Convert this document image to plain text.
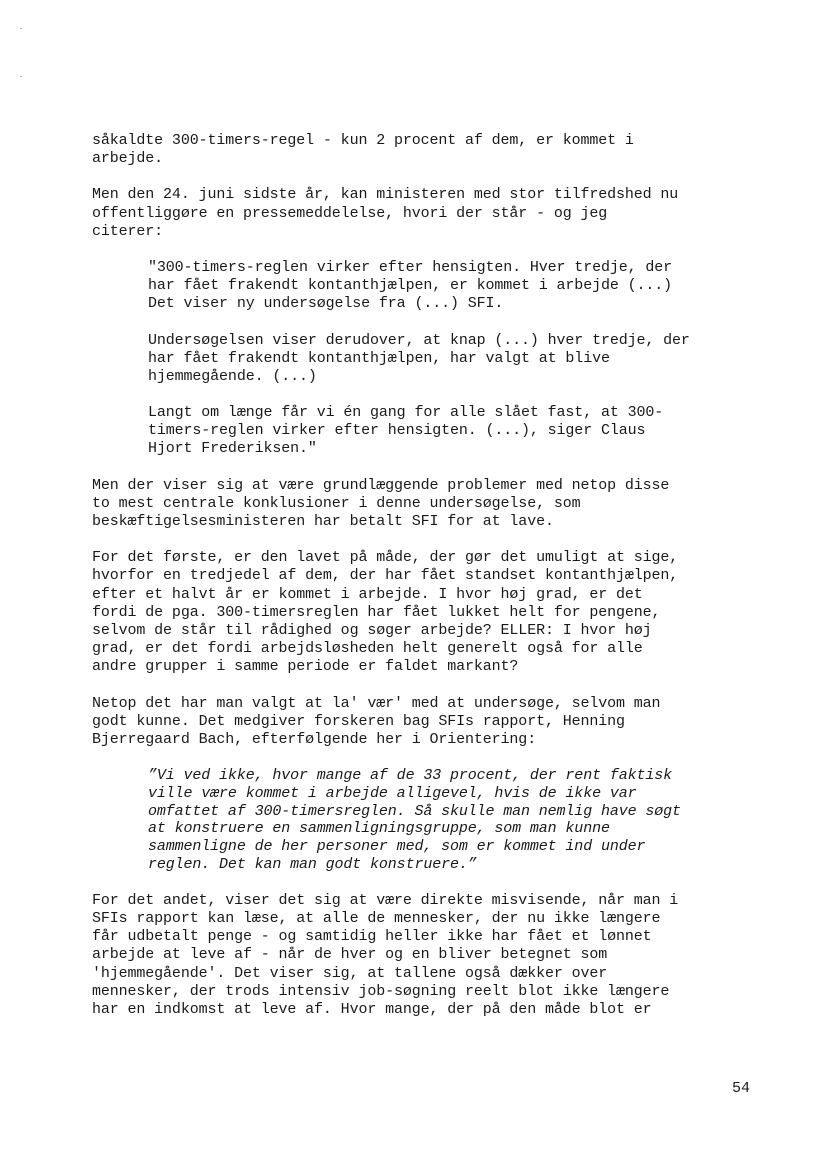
såkaldte 300-timers-regel - kun 2 procent af dem, er kommet i
arbejde.
Men den 24. juni sidste år, kan ministeren med stor tilfredshed nu
offentliggøre en pressemeddelelse, hvori der står - og jeg
citerer:
"300-timers-reglen virker efter hensigten. Hver tredje, der
har fået frakendt kontanthjælpen, er kommet i arbejde (...)
Det viser ny undersøgelse fra (...) SFI.
Undersøgelsen viser derudover, at knap (...) hver tredje, der
har fået frakendt kontanthjælpen, har valgt at blive
hjemmegående. (...)
Langt om længe får vi én gang for alle slået fast, at 300-
timers-reglen virker efter hensigten. (...), siger Claus
Hjort Frederiksen."
Men der viser sig at være grundlæggende problemer med netop disse
to mest centrale konklusioner i denne undersøgelse, som
beskæftigelsesministeren har betalt SFI for at lave.
For det første, er den lavet på måde, der gør det umuligt at sige,
hvorfor en tredjedel af dem, der har fået standset kontanthjælpen,
efter et halvt år er kommet i arbejde. I hvor høj grad, er det
fordi de pga. 300-timersreglen har fået lukket helt for pengene,
selvom de står til rådighed og søger arbejde? ELLER: I hvor høj
grad, er det fordi arbejdsløsheden helt generelt også for alle
andre grupper i samme periode er faldet markant?
Netop det har man valgt at la' vær' med at undersøge, selvom man
godt kunne. Det medgiver forskeren bag SFIs rapport, Henning
Bjerregaard Bach, efterfølgende her i Orientering:
”Vi ved ikke, hvor mange af de 33 procent, der rent faktisk
ville være kommet i arbejde alligevel, hvis de ikke var
omfattet af 300-timersreglen. Så skulle man nemlig have søgt
at konstruere en sammenligningsgruppe, som man kunne
sammenligne de her personer med, som er kommet ind under
reglen. Det kan man godt konstruere.”
For det andet, viser det sig at være direkte misvisende, når man i
SFIs rapport kan læse, at alle de mennesker, der nu ikke længere
får udbetalt penge - og samtidig heller ikke har fået et lønnet
arbejde at leve af - når de hver og en bliver betegnet som
'hjemmegående'. Det viser sig, at tallene også dækker over
mennesker, der trods intensiv job-søgning reelt blot ikke længere
har en indkomst at leve af. Hvor mange, der på den måde blot er
54
